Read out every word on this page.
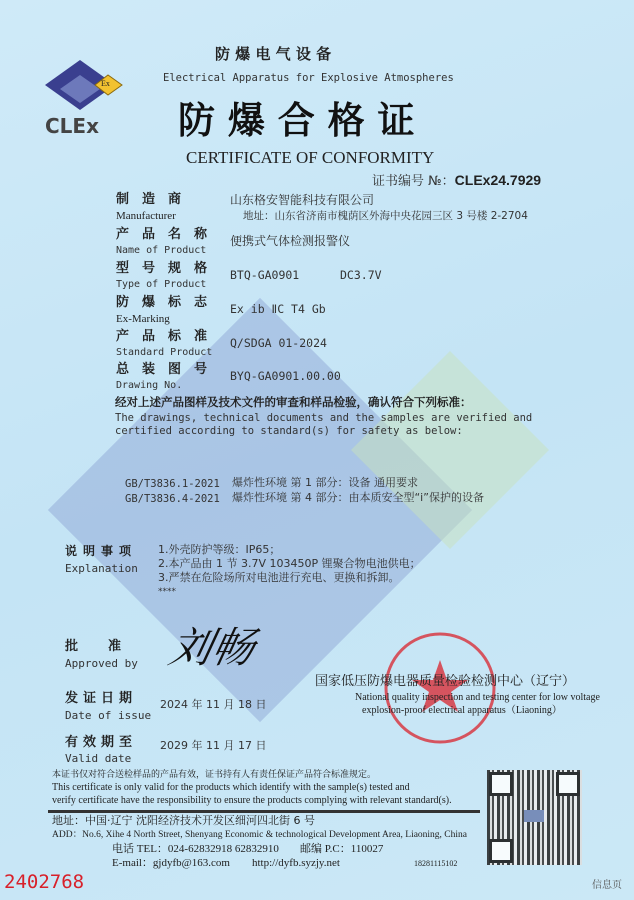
Ex
CLEx
防 爆 电 气 设 备
Electrical Apparatus for Explosive Atmospheres
防 爆 合 格 证
CERTIFICATE OF CONFORMITY
证书编号 №：CLEx24.7929
制造商
Manufacturer
山东格安智能科技有限公司
地址：山东省济南市槐荫区外海中央花园三区 3 号楼 2-2704
产品名称
Name of Product
便携式气体检测报警仪
型号规格
Type of Product
BTQ-GA0901	DC3.7V
防爆标志
Ex-Marking
Ex ib ⅡC T4 Gb
产品标准
Standard Product
Q/SDGA 01-2024
总装图号
Drawing No.
BYQ-GA0901.00.00
经对上述产品图样及技术文件的审查和样品检验，确认符合下列标准：
The drawings, technical documents and the samples are verified and
certified according to standard(s) for safety as below:
GB/T3836.1-2021 爆炸性环境 第 1 部分：设备 通用要求
GB/T3836.4-2021 爆炸性环境 第 4 部分：由本质安全型“i”保护的设备
说明事项
Explanation
1.外壳防护等级：IP65；
2.本产品由 1 节 3.7V 103450P 锂聚合物电池供电；
3.严禁在危险场所对电池进行充电、更换和拆卸。
****
批准
Approved by 刘畅
发证日期
Date of issue
2024 年 11 月 18 日
有效期至
Valid date
2029 年 11 月 17 日
国家低压防爆电器质量检验检测中心（辽宁）
National quality inspection and testing center for low voltage
explosion-proof electrical apparatus（Liaoning）
本证书仅对符合送检样品的产品有效，证书持有人有责任保证产品符合标准规定。
This certificate is only valid for the products which identify with the sample(s) tested and
verify certificate have the responsibility to ensure the products complying with relevant standard(s).
地址：中国·辽宁 沈阳经济技术开发区细河四北街 6 号
ADD：No.6, Xihe 4 North Street, Shenyang Economic & technological Development Area, Liaoning, China
电话 TEL：024-62832918 62832910 邮编 P.C：110027
E-mail：gjdyfb@163.com http://dyfb.syzjy.net	18281115102
2402768	信息页
